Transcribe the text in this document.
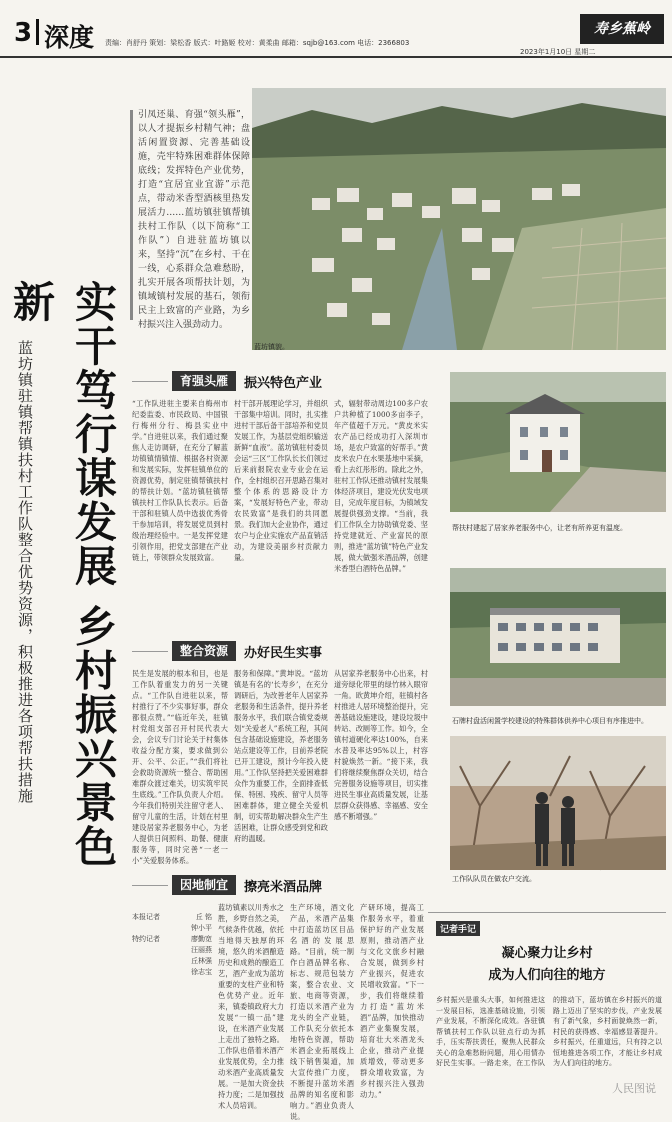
3 深度 责编：肖舒丹 策划：梁松香 版式：叶路姬 校对：黄柔曲 邮箱：sqjb@163.com 电话：2366803
寿乡蕉岭
2023年1月10日 星期二
实干笃行谋发展 乡村振兴景色新
蓝坊镇驻镇帮镇扶村工作队整合优势资源，积极推进各项帮扶措施
引凤还巢、育强“领头雁”，以人才提振乡村精气神；盘活闲置资源、完善基础设施，壳牢特殊困难群体保障底线；发挥特色产业优势，打造“宜居宜业宜游”示范点，带动米香型酒核里热发展活力……蓝坊镇驻镇帮镇扶村工作队（以下简称“工作队”）自进驻蓝坊镇以来，坚持“沉”在乡村、干在一线，心系群众急难愁盼，扎实开展各项帮扶计划，为镇域镇村发展的基石，领衔民主上致富的产业路，为乡村振兴注入强劲动力。
蓝坊镇貌。
育强头雁	振兴特色产业
“工作队进驻主要来自梅州市纪委监委、市民政局、中国银行梅州分行、梅县实业中学。”自进驻以来，我们通过聚焦人走访调研，在充分了解蓝坊镇镇情镇情、根据各村资源和发展实际，发挥驻镇单位的资源优势，制定驻镇帮镇扶村的帮扶计划。“蓝坊镇驻镇帮镇扶村工作队队长表示。后备干部和驻镇人员中选拔优秀骨干参加培训，将发展党员到村级治理经验中。一是发挥党建引领作用，把党支部建在产业链上，带领群众发展致富。
村干部开展理论学习，并组织干部集中培训。同时，扎实推进村干部后备干部培养和党员发展工作，为基层党组织输送新鲜“血液”。蓝坊镇驻村委员会运“三区”工作队长长们领过后来前报院农业专业会在运作，全村组织召开思路召集对整个体系的思路设计方案，“发展好特色产业，带动农民致富”是我们的共同愿景。我们加大企业协作，通过农户与企业实施农产品直销活动，为建设美丽乡村贡献力量。
式，辐射带动周边100多户农户共种植了1000多亩李子，年产值超千万元。“黄皮米实农产品已经成功打入深圳市场，是农户致富的好帮手。”黄皮米农户在水果基地中采摘，看上去红彤彤的。除此之外，驻村工作队还推动镇村发展集体经济项目，建设光伏发电项目，完成年度目标，为镇域发展提供强劲支撑。“当前，我们工作队全力协助镇党委、坚持党建就近、产业富民的原则，推进“蓝坊镇”特色产业发展，做大做强米酒品牌，创建米香型白酒特色品牌。”
帮扶村建起了居家养老服务中心，让老有所养更有温度。
整合资源	办好民生实事
民生是发展的根本和目，也是工作队着重发力的另一关键点。“工作队自进驻以来，帮村推行了不少实事好事，群众都很点赞。”“临近年关，驻镇村党组支部召开村民代表大会，会议专门讨论关于村集体收益分配方案，要求做到公开、公平、公正。”“我们将社会救助资源统一整合、帮助困难群众渡过难关，切实筑牢民生底线。”工作队负责人介绍。今年我们特别关注留守老人、留守儿童的生活，计划在村里建设居家养老服务中心，为老人提供日间照料、助餐、健康服务等，同时完善“一老一小”关爱服务体系。
服务和保障。”黄坤说。“蓝坊镇是有名的‘长寿乡’，在充分调研后，为改善老年人居家养老服务和生活条件，提升养老服务水平，我们联合镇党委规划“关爱老人”系统工程，其间包含基础设施建设，养老服务站点建设等工作，目前养老院已开工建设，预计今年投入使用。”工作队坚持把关爱困难群众作为重要工作，全面排查低保、特困、残疾、留守人员等困难群体，建立健全关爱机制，切实帮助解决群众生产生活困难，让群众感受到党和政府的温暖。
从居家养老服务中心出来，村道旁绿化带里的绿竹林入眼帘一角。欧黄坤介绍，驻镇村各村推进人居环境整治提升，完善基础设施建设，建设垃圾中转站、改厕等工作。如今，全镇村道硬化率达100%，自来水普及率达95%以上，村容村貌焕然一新。“接下来，我们将继续聚焦群众关切，结合完善服务设施等项目，切实推进民生事业高质量发展，让基层群众获得感、幸福感、安全感不断增强。”
石牌村盘活闲置学校建设的特殊群体供养中心项目有序推进中。
工作队队员在做农户交流。
因地制宜	擦亮米酒品牌
本报记者	丘 铭
钟小平
特约记者	廖勤宽
汪丽燕
丘林强
徐志宝
蓝坊镇素以川秀水之胜，乡野自然之美，气候条件优越，依托当地得天独厚的环境，悠久的米酒酿造历史和成熟的酿造工艺，酒产业成为蓝坊重要的支柱产业和特色优势产业。近年来，镇委镇政府大力发展“一镇一品”建设，在米酒产业发展上走出了独特之路。工作队也借着米酒产业发展优势，全力推动米酒产业高质量发展。一是加大资金扶持力度；二是加强技术人员培训。
生产环境，酒文化产品，米酒产品集中打造蓝坊区目品名酒的发展思路。“目前，统一制作白酒品牌名称、标志、规范包装方案，整合农业、文旅、电商等资源，打造以米酒产业为龙头的全产业链，工作队充分依托本地特色资源，帮助米酒企业拓展线上线下销售渠道，加大宣传推广力度，不断提升蓝坊米酒品牌的知名度和影响力。”酒业负责人说。
产研环境，提高工作服务水平，着重保护好的产业发展原则，推动酒产业与文化文旅乡村融合发展，做到乡村产业振兴，促进农民增收致富。“下一步，我们将继续着力打造“蓝坊米酒”品牌，加快推动酒产业集聚发展，培育壮大米酒龙头企业，推动产业提质增效，带动更多群众增收致富，为乡村振兴注入强劲动力。”
记者手记
凝心聚力让乡村
成为人们向往的地方
乡村振兴是重头大事，如何推进这一发展目标，选准基础设施，引领产业发展，不断深化成效。各驻镇帮镇扶村工作队以驻点行动为抓手，压实帮扶责任，聚焦人民群众关心的急难愁盼问题，用心用情办好民生实事。一路走来，在工作队的推动下，蓝坊镇在乡村振兴的道路上迈出了坚实的步伐，产业发展有了新气象，乡村面貌焕然一新，村民的获得感、幸福感显著提升。乡村振兴，任重道远，只有持之以恒地推进各项工作，才能让乡村成为人们向往的地方。
人民图说
